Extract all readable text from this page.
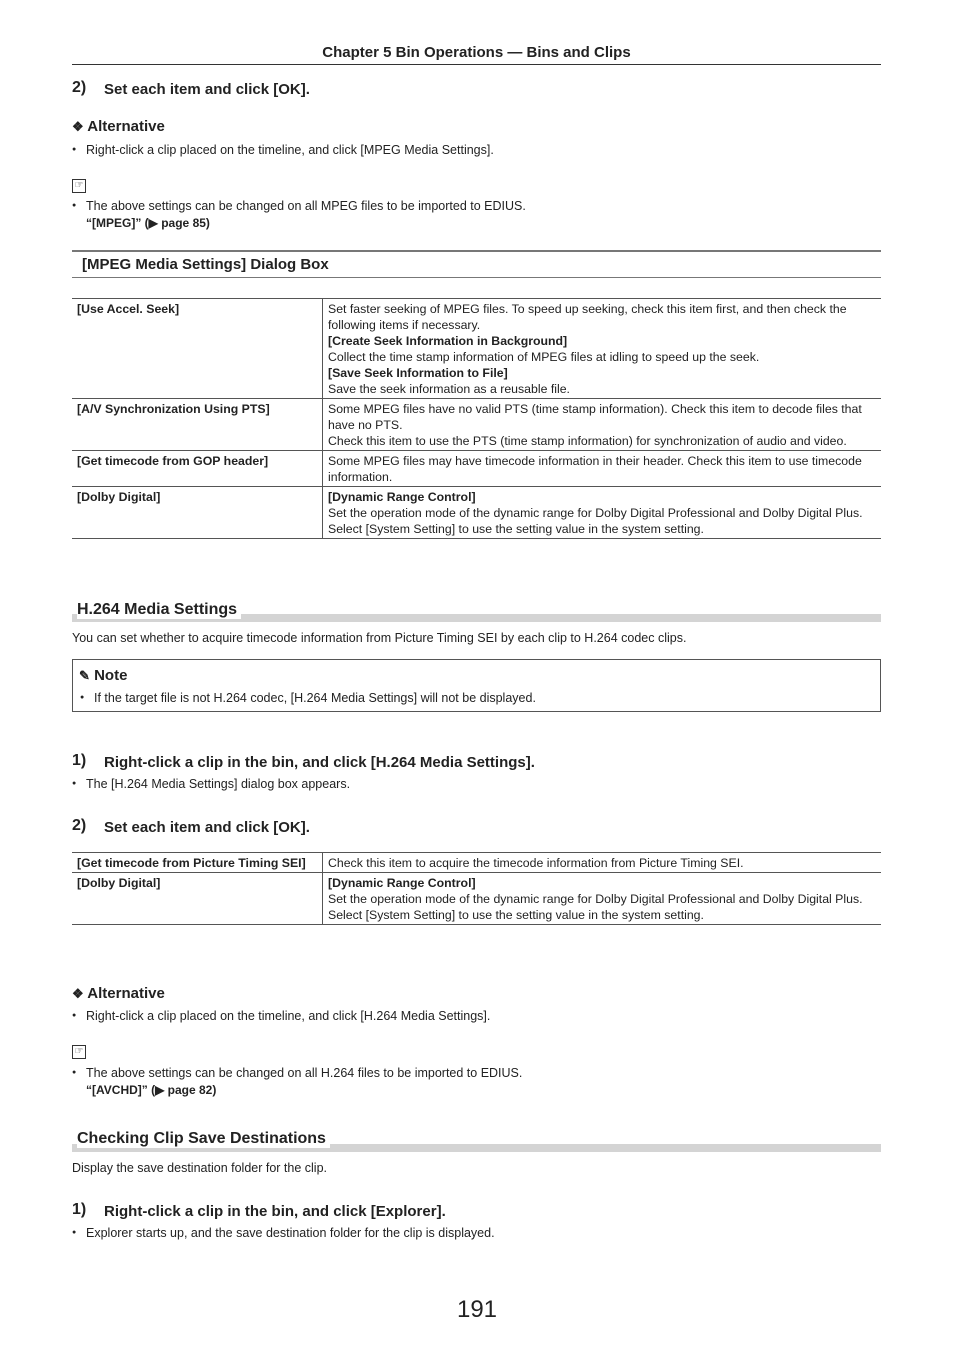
Chapter 5 Bin Operations — Bins and Clips
2) Set each item and click [OK].
❖ Alternative
● Right-click a clip placed on the timeline, and click [MPEG Media Settings].
☞
● The above settings can be changed on all MPEG files to be imported to EDIUS.
“[MPEG]” (▶ page 85)
[MPEG Media Settings] Dialog Box
[Use Accel. Seek]	Set faster seeking of MPEG files. To speed up seeking, check this item first, and then check the following items if necessary.
[Create Seek Information in Background]
Collect the time stamp information of MPEG files at idling to speed up the seek.
[Save Seek Information to File]
Save the seek information as a reusable file.

[A/V Synchronization Using PTS]	Some MPEG files have no valid PTS (time stamp information). Check this item to decode files that have no PTS.
Check this item to use the PTS (time stamp information) for synchronization of audio and video.

[Get timecode from GOP header]	Some MPEG files may have timecode information in their header. Check this item to use timecode information.

[Dolby Digital]	[Dynamic Range Control]
Set the operation mode of the dynamic range for Dolby Digital Professional and Dolby Digital Plus.
Select [System Setting] to use the setting value in the system setting.
H.264 Media Settings
You can set whether to acquire timecode information from Picture Timing SEI by each clip to H.264 codec clips.
✎ Note
● If the target file is not H.264 codec, [H.264 Media Settings] will not be displayed.
1) Right-click a clip in the bin, and click [H.264 Media Settings].
● The [H.264 Media Settings] dialog box appears.
2) Set each item and click [OK].
[Get timecode from Picture Timing SEI]	Check this item to acquire the timecode information from Picture Timing SEI.

[Dolby Digital]	[Dynamic Range Control]
Set the operation mode of the dynamic range for Dolby Digital Professional and Dolby Digital Plus.
Select [System Setting] to use the setting value in the system setting.
❖ Alternative
● Right-click a clip placed on the timeline, and click [H.264 Media Settings].
☞
● The above settings can be changed on all H.264 files to be imported to EDIUS.
“[AVCHD]” (▶ page 82)
Checking Clip Save Destinations
Display the save destination folder for the clip.
1) Right-click a clip in the bin, and click [Explorer].
● Explorer starts up, and the save destination folder for the clip is displayed.
191
